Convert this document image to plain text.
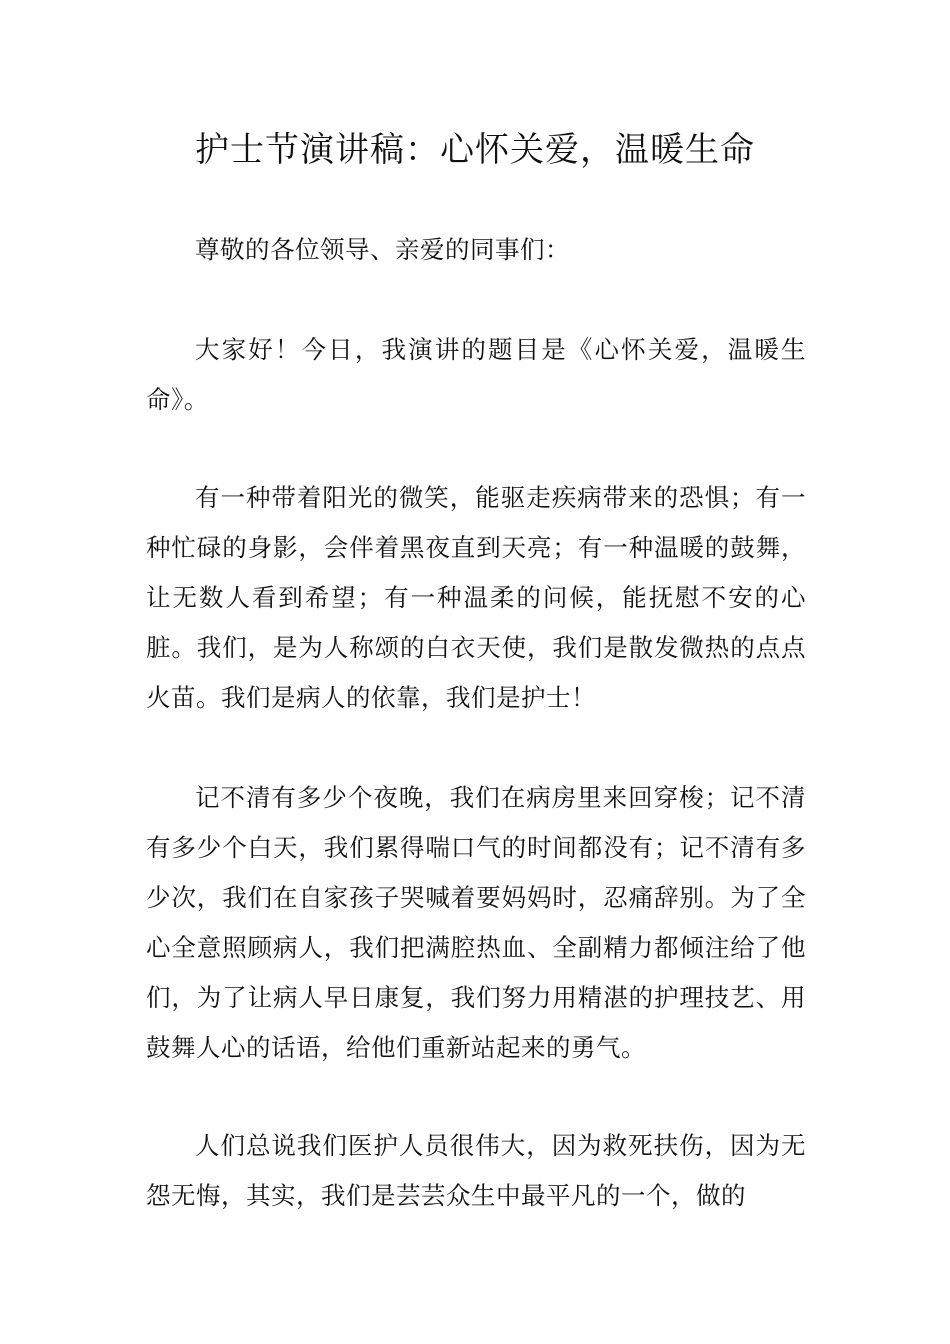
护士节演讲稿：心怀关爱，温暖生命

尊敬的各位领导、亲爱的同事们：

大家好！今日，我演讲的题目是《心怀关爱，温暖生命》。

有一种带着阳光的微笑，能驱走疾病带来的恐惧；有一种忙碌的身影，会伴着黑夜直到天亮；有一种温暖的鼓舞，让无数人看到希望；有一种温柔的问候，能抚慰不安的心脏。我们，是为人称颂的白衣天使，我们是散发微热的点点火苗。我们是病人的依靠，我们是护士！

记不清有多少个夜晚，我们在病房里来回穿梭；记不清有多少个白天，我们累得喘口气的时间都没有；记不清有多少次，我们在自家孩子哭喊着要妈妈时，忍痛辞别。为了全心全意照顾病人，我们把满腔热血、全副精力都倾注给了他们，为了让病人早日康复，我们努力用精湛的护理技艺、用鼓舞人心的话语，给他们重新站起来的勇气。

人们总说我们医护人员很伟大，因为救死扶伤，因为无怨无悔，其实，我们是芸芸众生中最平凡的一个，做的
